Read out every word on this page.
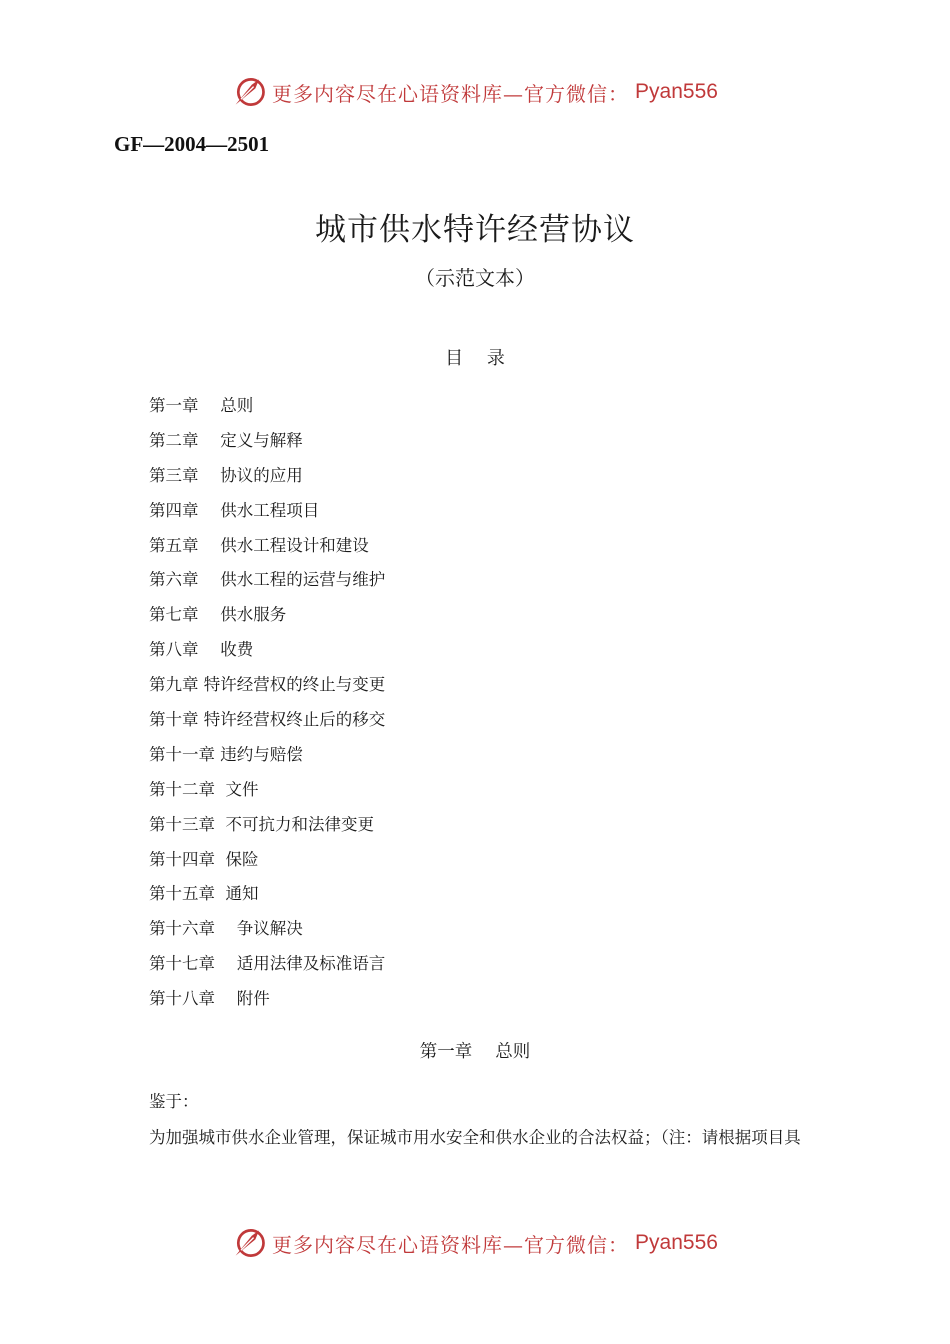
更多内容尽在心语资料库—官方微信： Pyan556
GF—2004—2501
城市供水特许经营协议
（示范文本）
目 录
第一章　 总则
第二章　 定义与解释
第三章　 协议的应用
第四章　 供水工程项目
第五章　 供水工程设计和建设
第六章　 供水工程的运营与维护
第七章　 供水服务
第八章　 收费
第九章 特许经营权的终止与变更
第十章 特许经营权终止后的移交
第十一章 违约与赔偿
第十二章  文件
第十三章  不可抗力和法律变更
第十四章  保险
第十五章  通知
第十六章　 争议解决
第十七章　 适用法律及标准语言
第十八章　 附件
第一章　 总则
鉴于：
为加强城市供水企业管理，保证城市用水安全和供水企业的合法权益；（注：请根据项目具
更多内容尽在心语资料库—官方微信： Pyan556
